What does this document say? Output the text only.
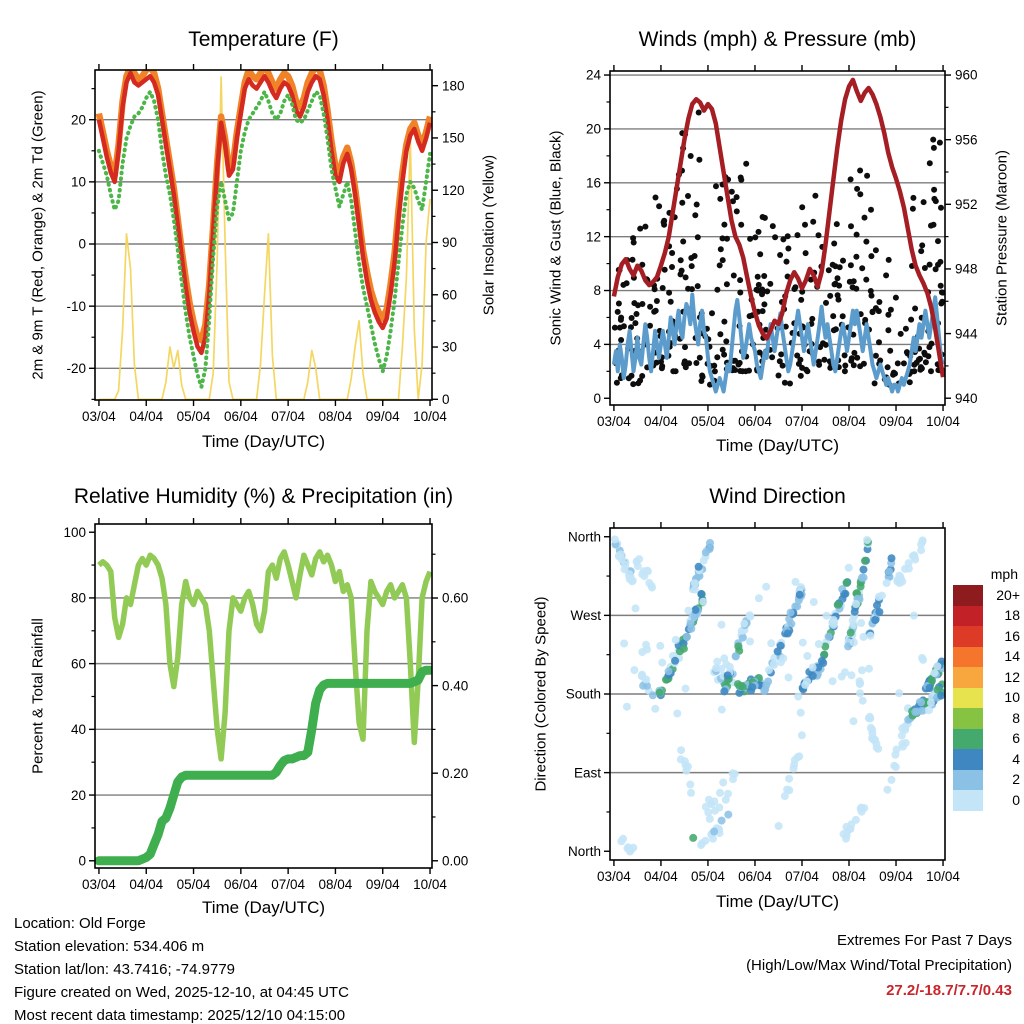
-20
-10
0
10
20
0
30
60
90
120
150
180
03/04 04/04 05/04 06/04 07/04 08/04 09/04 10/04
0
4
8
12
16
20
24
940
944
948
952
956
960
03/04 04/04 05/04 06/04 07/04 08/04 09/04 10/04
0
20
40
60
80
100
0.00
0.20
0.40
0.60
03/04 04/04 05/04 06/04 07/04 08/04 09/04 10/04
North
West
South
East
North
03/04 04/04 05/04 06/04 07/04 08/04 09/04 10/04
Temperature (F)	Winds (mph) & Pressure (mb)
Relative Humidity (%) & Precipitation (in)	Wind Direction
2m & 9m T (Red, Orange) & 2m Td (Green)	Solar Insolation (Yellow)	Sonic Wind & Gust (Blue, Black)	Station Pressure (Maroon)
Percent & Total Rainfall	Direction (Colored By Speed)
Time (Day/UTC)	Time (Day/UTC)
Time (Day/UTC)	Time (Day/UTC)
mph
20+
18
16
14
12
10
8
6
4
2
0
Location: Old Forge
Station elevation: 534.406 m
Station lat/lon: 43.7416; -74.9779
Figure created on Wed, 2025-12-10, at 04:45 UTC
Most recent data timestamp: 2025/12/10 04:15:00
Extremes For Past 7 Days
(High/Low/Max Wind/Total Precipitation)
27.2/-18.7/7.7/0.43
